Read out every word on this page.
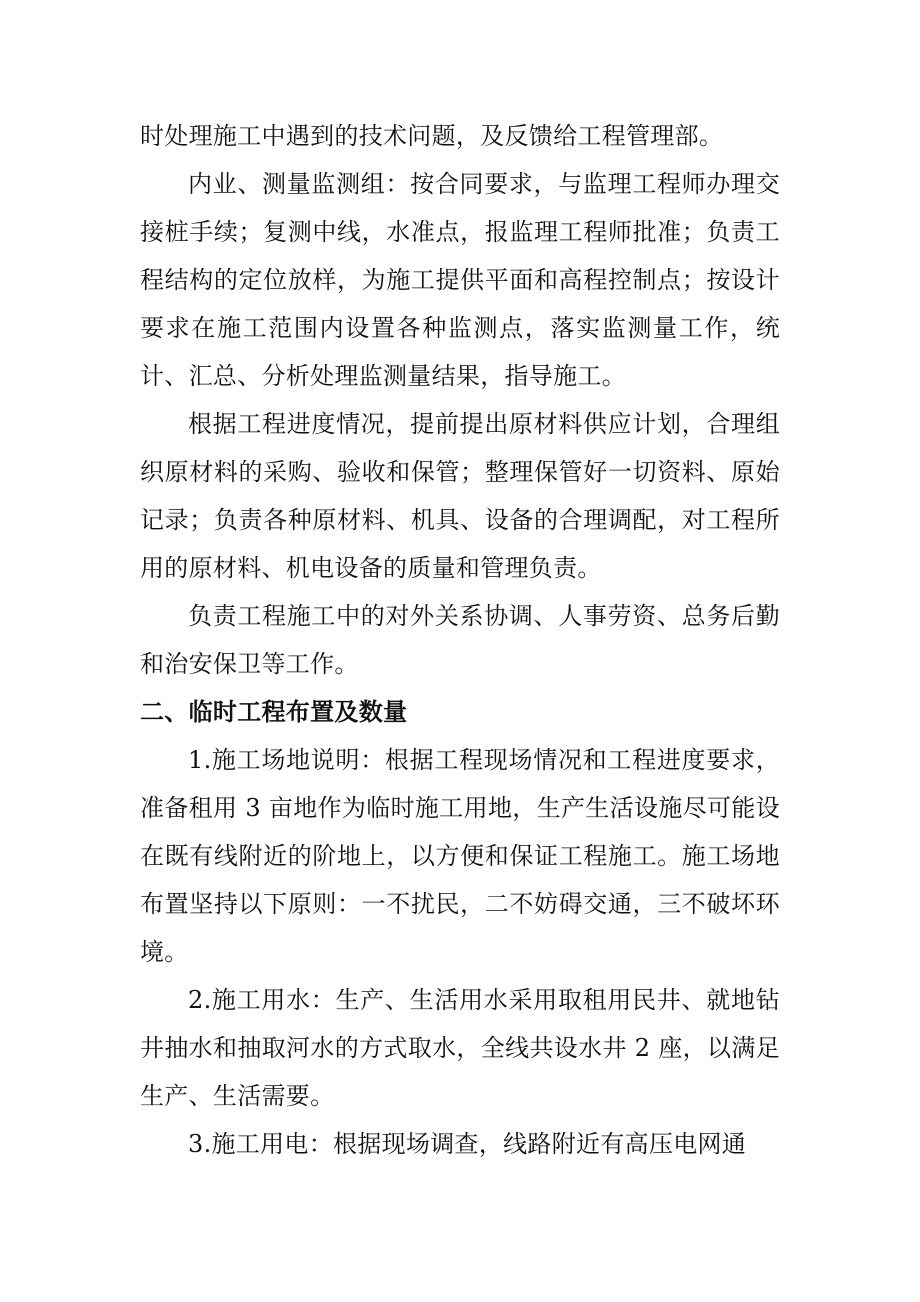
时处理施工中遇到的技术问题，及反馈给工程管理部。

内业、测量监测组：按合同要求，与监理工程师办理交接桩手续；复测中线，水准点，报监理工程师批准；负责工程结构的定位放样，为施工提供平面和高程控制点；按设计要求在施工范围内设置各种监测点，落实监测量工作，统计、汇总、分析处理监测量结果，指导施工。

根据工程进度情况，提前提出原材料供应计划，合理组织原材料的采购、验收和保管；整理保管好一切资料、原始记录；负责各种原材料、机具、设备的合理调配，对工程所用的原材料、机电设备的质量和管理负责。

负责工程施工中的对外关系协调、人事劳资、总务后勤和治安保卫等工作。

二、临时工程布置及数量

1.施工场地说明：根据工程现场情况和工程进度要求，准备租用 3 亩地作为临时施工用地，生产生活设施尽可能设在既有线附近的阶地上，以方便和保证工程施工。施工场地布置坚持以下原则：一不扰民，二不妨碍交通，三不破坏环境。

2.施工用水：生产、生活用水采用取租用民井、就地钻井抽水和抽取河水的方式取水，全线共设水井 2 座，以满足生产、生活需要。

3.施工用电：根据现场调查，线路附近有高压电网通
